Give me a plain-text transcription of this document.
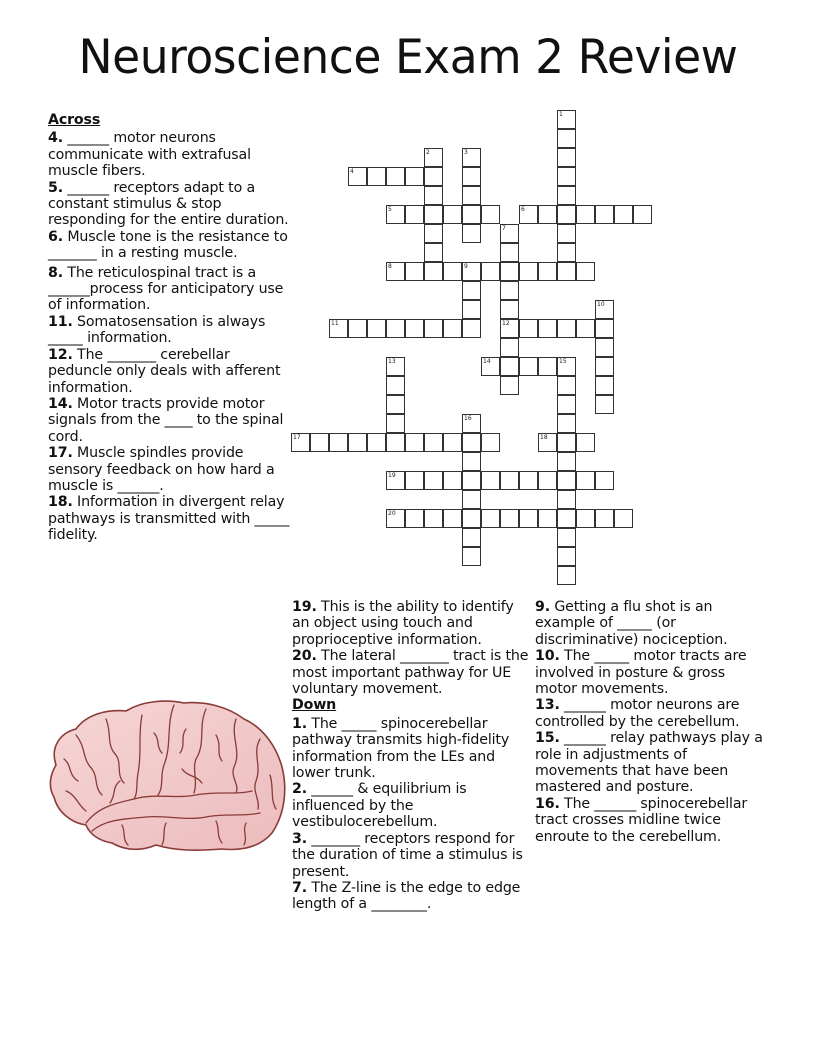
Neuroscience Exam 2 Review
1
2	3
4
5	6
7
12
8	9
10
11
13	14	15
16
17	18
19
20
Across
4. ______ motor neurons communicate with extrafusal muscle fibers.
5. ______ receptors adapt to a constant stimulus & stop responding for the entire duration.
6. Muscle tone is the resistance to _______ in a resting muscle.
8. The reticulospinal tract is a ______process for anticipatory use of information.
11. Somatosensation is always _____ information.
12. The _______ cerebellar peduncle only deals with afferent information.
14. Motor tracts provide motor signals from the ____ to the spinal cord.
17. Muscle spindles provide sensory feedback on how hard a muscle is ______.
18. Information in divergent relay pathways is transmitted with _____ fidelity.
19. This is the ability to identify an object using touch and proprioceptive information.
20. The lateral _______ tract is the most important pathway for UE voluntary movement.
Down
1. The _____ spinocerebellar pathway transmits high-fidelity information from the LEs and lower trunk.
2. ______ & equilibrium is influenced by the vestibulocerebellum.
3. _______ receptors respond for the duration of time a stimulus is present.
7. The Z-line is the edge to edge length of a ________.
9. Getting a flu shot is an example of _____ (or discriminative) nociception.
10. The _____ motor tracts are involved in posture & gross motor movements.
13. ______ motor neurons are controlled by the cerebellum.
15. ______ relay pathways play a role in adjustments of movements that have been mastered and posture.
16. The ______ spinocerebellar tract crosses midline twice enroute to the cerebellum.
